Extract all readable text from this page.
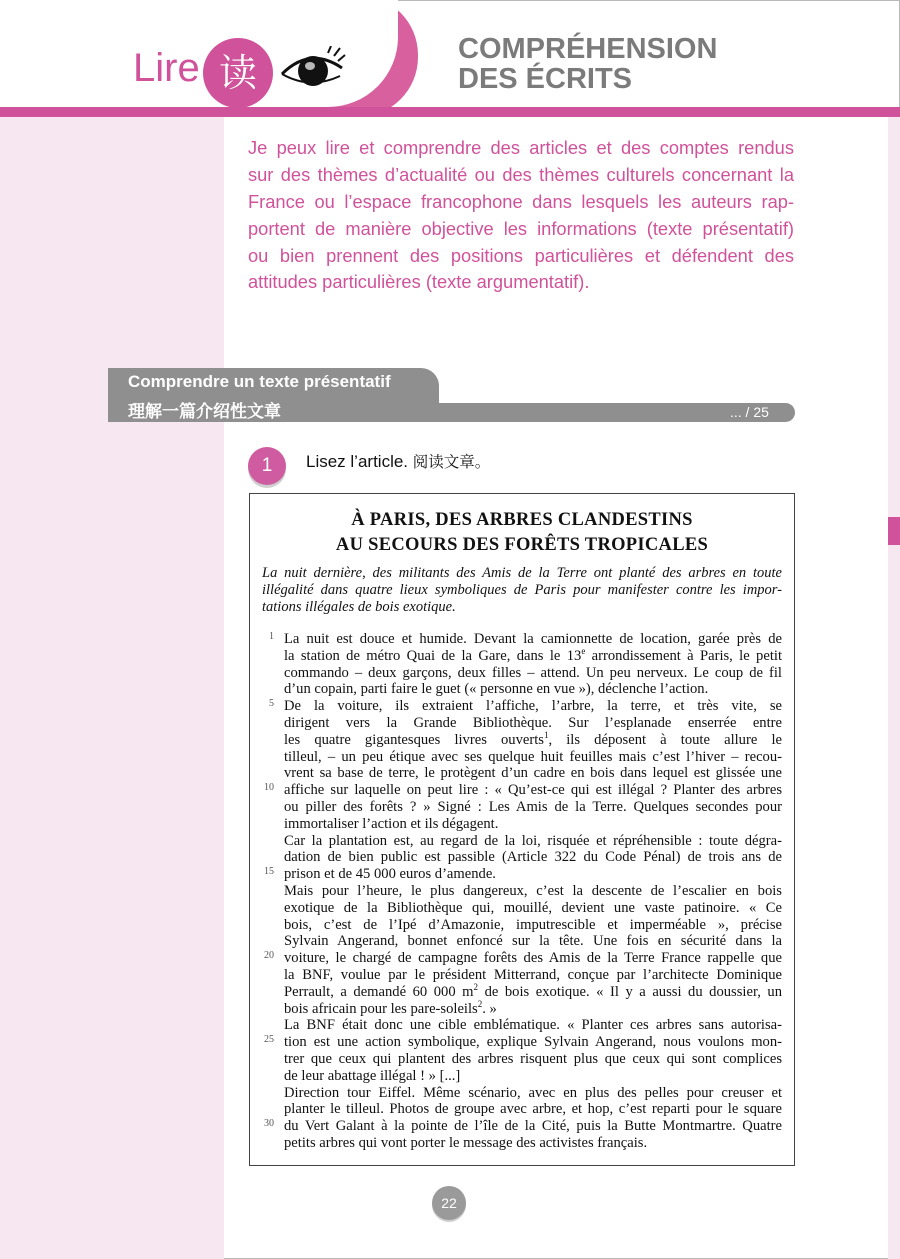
Lire 读
COMPRÉHENSION
DES ÉCRITS
Je peux lire et comprendre des articles et des comptes rendus
sur des thèmes d’actualité ou des thèmes culturels concernant la
France ou l’espace francophone dans lesquels les auteurs rap-
portent de manière objective les informations (texte présentatif)
ou bien prennent des positions particulières et défendent des
attitudes particulières (texte argumentatif).
Comprendre un texte présentatif
理解一篇介绍性文章	... / 25
1	Lisez l’article. 阅读文章。
À PARIS, DES ARBRES CLANDESTINS
AU SECOURS DES FORÊTS TROPICALES
La nuit dernière, des militants des Amis de la Terre ont planté des arbres en toute
illégalité dans quatre lieux symboliques de Paris pour manifester contre les impor-
tations illégales de bois exotique.
1
5
10
15
20
25
30
La nuit est douce et humide. Devant la camionnette de location, garée près de
la station de métro Quai de la Gare, dans le 13e arrondissement à Paris, le petit
commando – deux garçons, deux filles – attend. Un peu nerveux. Le coup de fil
d’un copain, parti faire le guet (« personne en vue »), déclenche l’action.
De la voiture, ils extraient l’affiche, l’arbre, la terre, et très vite, se
dirigent vers la Grande Bibliothèque. Sur l’esplanade enserrée entre
les quatre gigantesques livres ouverts$^1$, ils déposent à toute allure le
tilleul, – un peu étique avec ses quelque huit feuilles mais c’est l’hiver – recou-
vrent sa base de terre, le protègent d’un cadre en bois dans lequel est glissée une
affiche sur laquelle on peut lire : « Qu’est-ce qui est illégal ? Planter des arbres
ou piller des forêts ? » Signé : Les Amis de la Terre. Quelques secondes pour
immortaliser l’action et ils dégagent.
Car la plantation est, au regard de la loi, risquée et répréhensible : toute dégra-
dation de bien public est passible (Article 322 du Code Pénal) de trois ans de
prison et de 45 000 euros d’amende.
Mais pour l’heure, le plus dangereux, c’est la descente de l’escalier en bois
exotique de la Bibliothèque qui, mouillé, devient une vaste patinoire. « Ce
bois, c’est de l’Ipé d’Amazonie, imputrescible et imperméable », précise
Sylvain Angerand, bonnet enfoncé sur la tête. Une fois en sécurité dans la
voiture, le chargé de campagne forêts des Amis de la Terre France rappelle que
la BNF, voulue par le président Mitterrand, conçue par l’architecte Dominique
Perrault, a demandé 60 000 $m^2$ de bois exotique. « Il y a aussi du doussier, un
bois africain pour les pare-soleils$^2$. »
La BNF était donc une cible emblématique. « Planter ces arbres sans autorisa-
tion est une action symbolique, explique Sylvain Angerand, nous voulons mon-
trer que ceux qui plantent des arbres risquent plus que ceux qui sont complices
de leur abattage illégal ! » [...]
Direction tour Eiffel. Même scénario, avec en plus des pelles pour creuser et
planter le tilleul. Photos de groupe avec arbre, et hop, c’est reparti pour le square
du Vert Galant à la pointe de l’île de la Cité, puis la Butte Montmartre. Quatre
petits arbres qui vont porter le message des activistes français.
22
